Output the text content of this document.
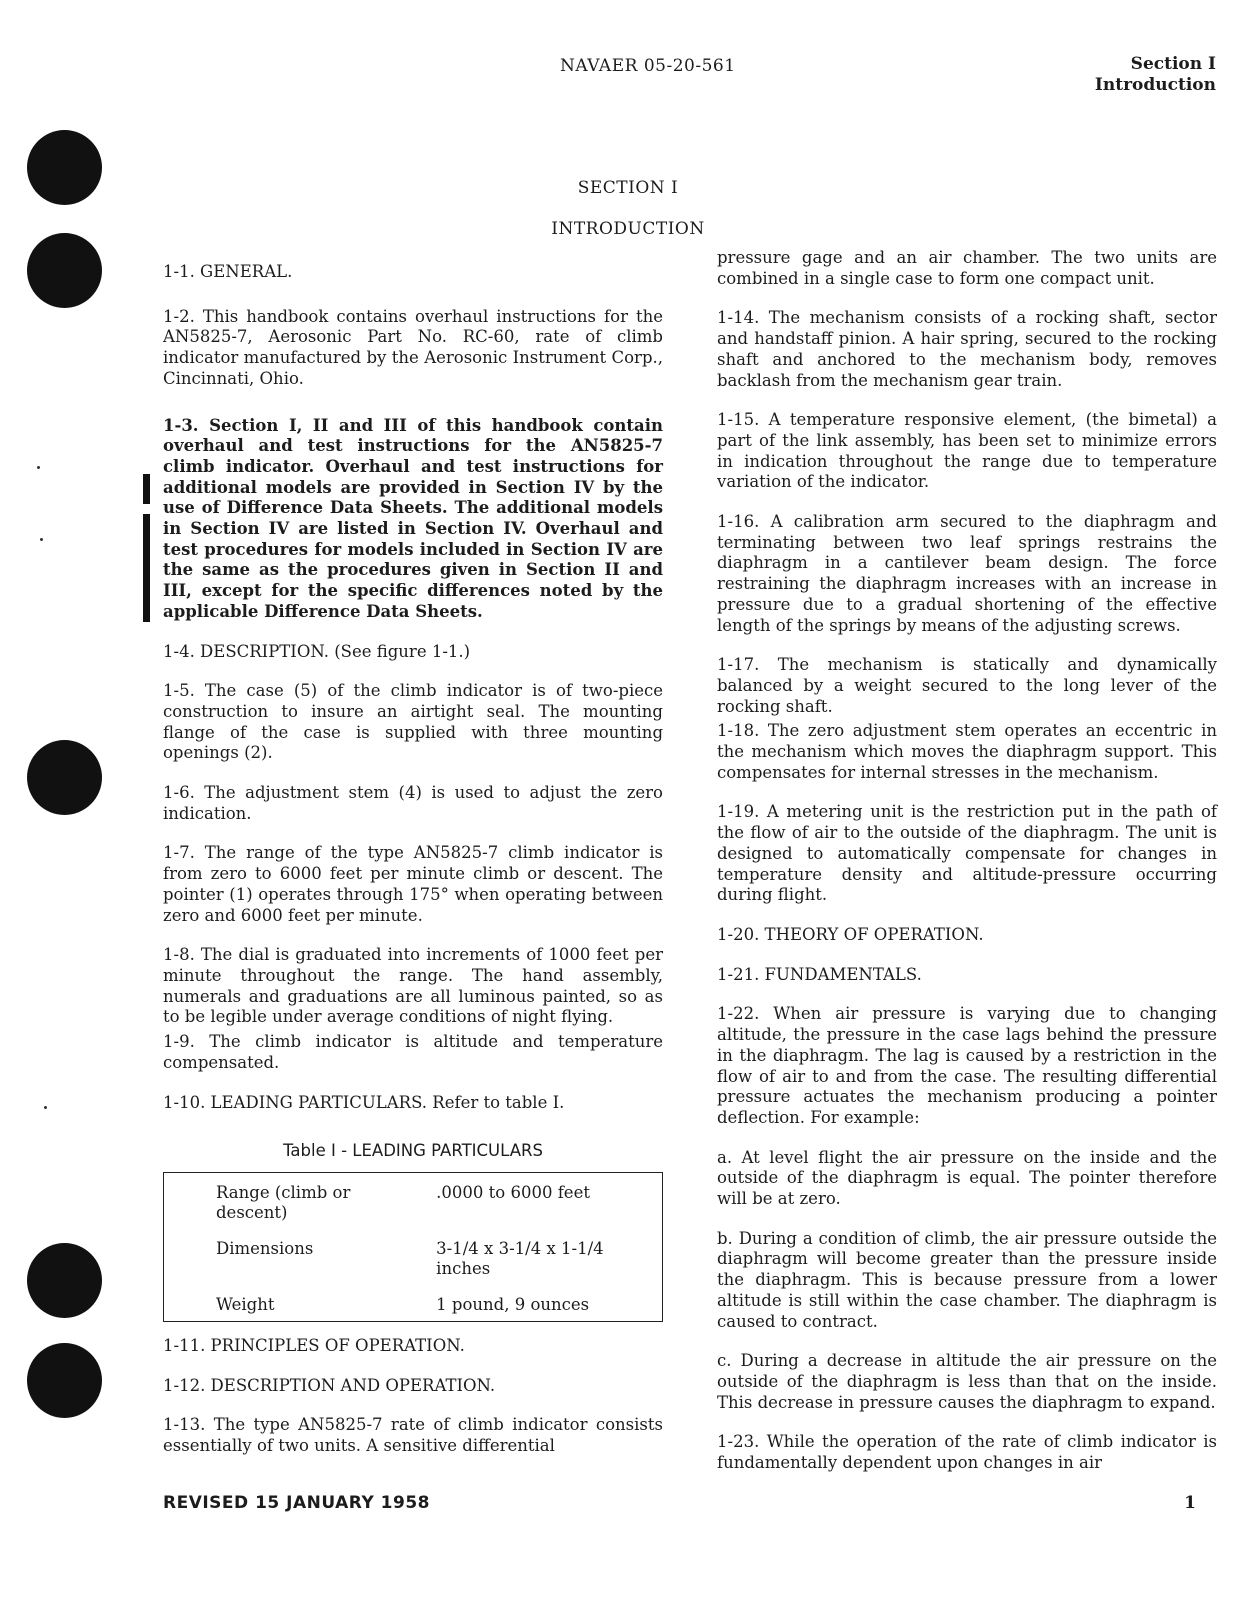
NAVAER 05-20-561	Section I
Introduction
SECTION I
INTRODUCTION

1-1. GENERAL.

1-2. This handbook contains overhaul instructions for the AN5825-7, Aerosonic Part No. RC-60, rate of climb indicator manufactured by the Aerosonic Instrument Corp., Cincinnati, Ohio.

1-3. Section I, II and III of this handbook contain overhaul and test instructions for the AN5825-7 climb indicator. Overhaul and test instructions for additional models are provided in Section IV by the use of Difference Data Sheets. The additional models in Section IV are listed in Section IV. Overhaul and test procedures for models included in Section IV are the same as the procedures given in Section II and III, except for the specific differences noted by the applicable Difference Data Sheets.

1-4. DESCRIPTION. (See figure 1-1.)

1-5. The case (5) of the climb indicator is of two-piece construction to insure an airtight seal. The mounting flange of the case is supplied with three mounting openings (2).

1-6. The adjustment stem (4) is used to adjust the zero indication.

1-7. The range of the type AN5825-7 climb indicator is from zero to 6000 feet per minute climb or descent. The pointer (1) operates through 175° when operating between zero and 6000 feet per minute.

1-8. The dial is graduated into increments of 1000 feet per minute throughout the range. The hand assembly, numerals and graduations are all luminous painted, so as to be legible under average conditions of night flying.

1-9. The climb indicator is altitude and temperature compensated.

1-10. LEADING PARTICULARS. Refer to table I.

Table I - LEADING PARTICULARS
Range (climb or descent)	.0000 to 6000 feet
Dimensions	3-1/4 x 3-1/4 x 1-1/4 inches
Weight	1 pound, 9 ounces

1-11. PRINCIPLES OF OPERATION.

1-12. DESCRIPTION AND OPERATION.

1-13. The type AN5825-7 rate of climb indicator consists essentially of two units. A sensitive differential

pressure gage and an air chamber. The two units are combined in a single case to form one compact unit.

1-14. The mechanism consists of a rocking shaft, sector and handstaff pinion. A hair spring, secured to the rocking shaft and anchored to the mechanism body, removes backlash from the mechanism gear train.

1-15. A temperature responsive element, (the bimetal) a part of the link assembly, has been set to minimize errors in indication throughout the range due to temperature variation of the indicator.

1-16. A calibration arm secured to the diaphragm and terminating between two leaf springs restrains the diaphragm in a cantilever beam design. The force restraining the diaphragm increases with an increase in pressure due to a gradual shortening of the effective length of the springs by means of the adjusting screws.

1-17. The mechanism is statically and dynamically balanced by a weight secured to the long lever of the rocking shaft.

1-18. The zero adjustment stem operates an eccentric in the mechanism which moves the diaphragm support. This compensates for internal stresses in the mechanism.

1-19. A metering unit is the restriction put in the path of the flow of air to the outside of the diaphragm. The unit is designed to automatically compensate for changes in temperature density and altitude-pressure occurring during flight.

1-20. THEORY OF OPERATION.

1-21. FUNDAMENTALS.

1-22. When air pressure is varying due to changing altitude, the pressure in the case lags behind the pressure in the diaphragm. The lag is caused by a restriction in the flow of air to and from the case. The resulting differential pressure actuates the mechanism producing a pointer deflection. For example:

a. At level flight the air pressure on the inside and the outside of the diaphragm is equal. The pointer therefore will be at zero.

b. During a condition of climb, the air pressure outside the diaphragm will become greater than the pressure inside the diaphragm. This is because pressure from a lower altitude is still within the case chamber. The diaphragm is caused to contract.

c. During a decrease in altitude the air pressure on the outside of the diaphragm is less than that on the inside. This decrease in pressure causes the diaphragm to expand.

1-23. While the operation of the rate of climb indicator is fundamentally dependent upon changes in air

REVISED 15 JANUARY 1958	1
